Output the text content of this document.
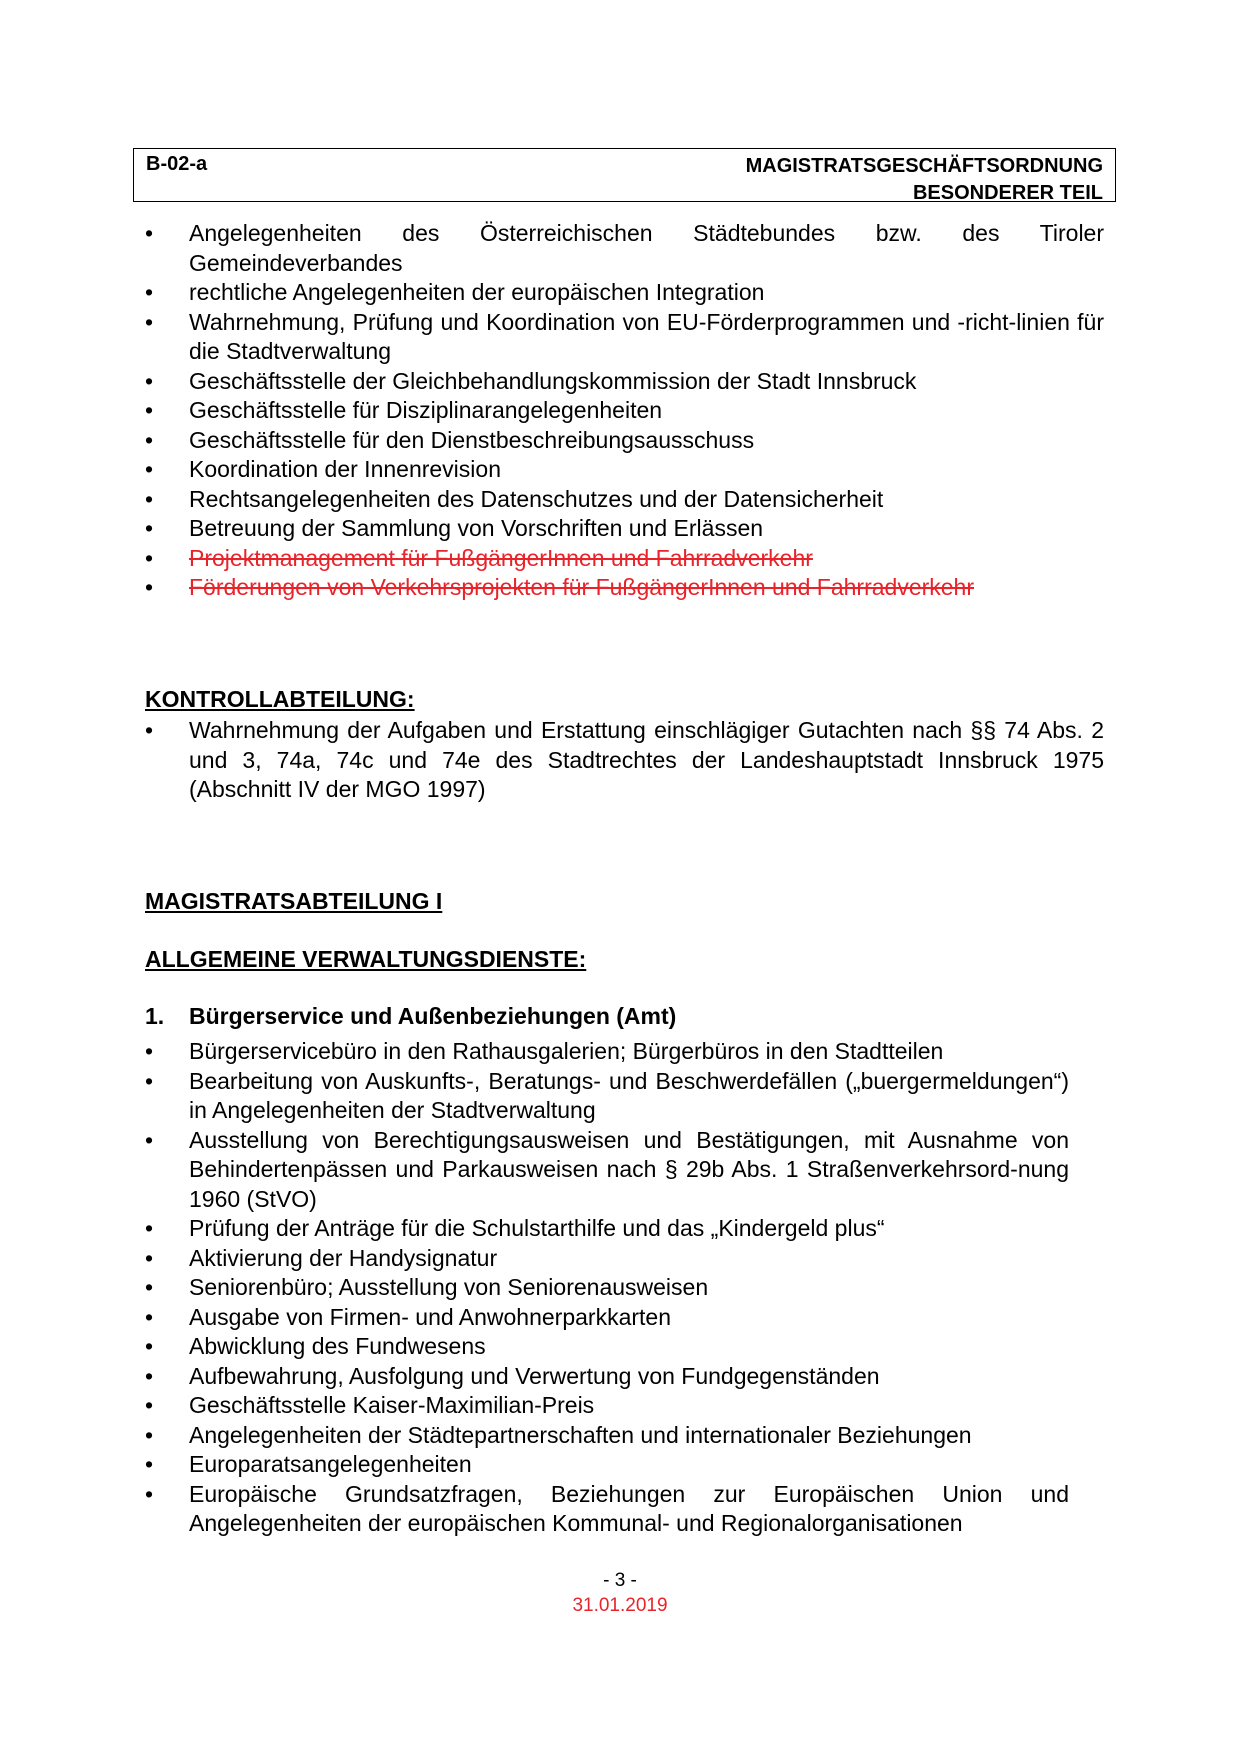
B-02-a	MAGISTRATSGESCHÄFTSORDNUNG
BESONDERER TEIL
• Angelegenheiten des Österreichischen Städtebundes bzw. des Tiroler Gemeindeverbandes
• rechtliche Angelegenheiten der europäischen Integration
• Wahrnehmung, Prüfung und Koordination von EU-Förderprogrammen und -richt-linien für die Stadtverwaltung
• Geschäftsstelle der Gleichbehandlungskommission der Stadt Innsbruck
• Geschäftsstelle für Disziplinarangelegenheiten
• Geschäftsstelle für den Dienstbeschreibungsausschuss
• Koordination der Innenrevision
• Rechtsangelegenheiten des Datenschutzes und der Datensicherheit
• Betreuung der Sammlung von Vorschriften und Erlässen
• Projektmanagement für FußgängerInnen und Fahrradverkehr
• Förderungen von Verkehrsprojekten für FußgängerInnen und Fahrradverkehr
KONTROLLABTEILUNG:
• Wahrnehmung der Aufgaben und Erstattung einschlägiger Gutachten nach §§ 74 Abs. 2 und 3, 74a, 74c und 74e des Stadtrechtes der Landeshauptstadt Innsbruck 1975 (Abschnitt IV der MGO 1997)
MAGISTRATSABTEILUNG I
ALLGEMEINE VERWALTUNGSDIENSTE:
1. Bürgerservice und Außenbeziehungen (Amt)
• Bürgerservicebüro in den Rathausgalerien; Bürgerbüros in den Stadtteilen
• Bearbeitung von Auskunfts-, Beratungs- und Beschwerdefällen („buergermeldungen“) in Angelegenheiten der Stadtverwaltung
• Ausstellung von Berechtigungsausweisen und Bestätigungen, mit Ausnahme von Behindertenpässen und Parkausweisen nach § 29b Abs. 1 Straßenverkehrsord-nung 1960 (StVO)
• Prüfung der Anträge für die Schulstarthilfe und das „Kindergeld plus“
• Aktivierung der Handysignatur
• Seniorenbüro; Ausstellung von Seniorenausweisen
• Ausgabe von Firmen- und Anwohnerparkkarten
• Abwicklung des Fundwesens
• Aufbewahrung, Ausfolgung und Verwertung von Fundgegenständen
• Geschäftsstelle Kaiser-Maximilian-Preis
• Angelegenheiten der Städtepartnerschaften und internationaler Beziehungen
• Europaratsangelegenheiten
• Europäische Grundsatzfragen, Beziehungen zur Europäischen Union und Angelegenheiten der europäischen Kommunal- und Regionalorganisationen
- 3 -
31.01.2019
